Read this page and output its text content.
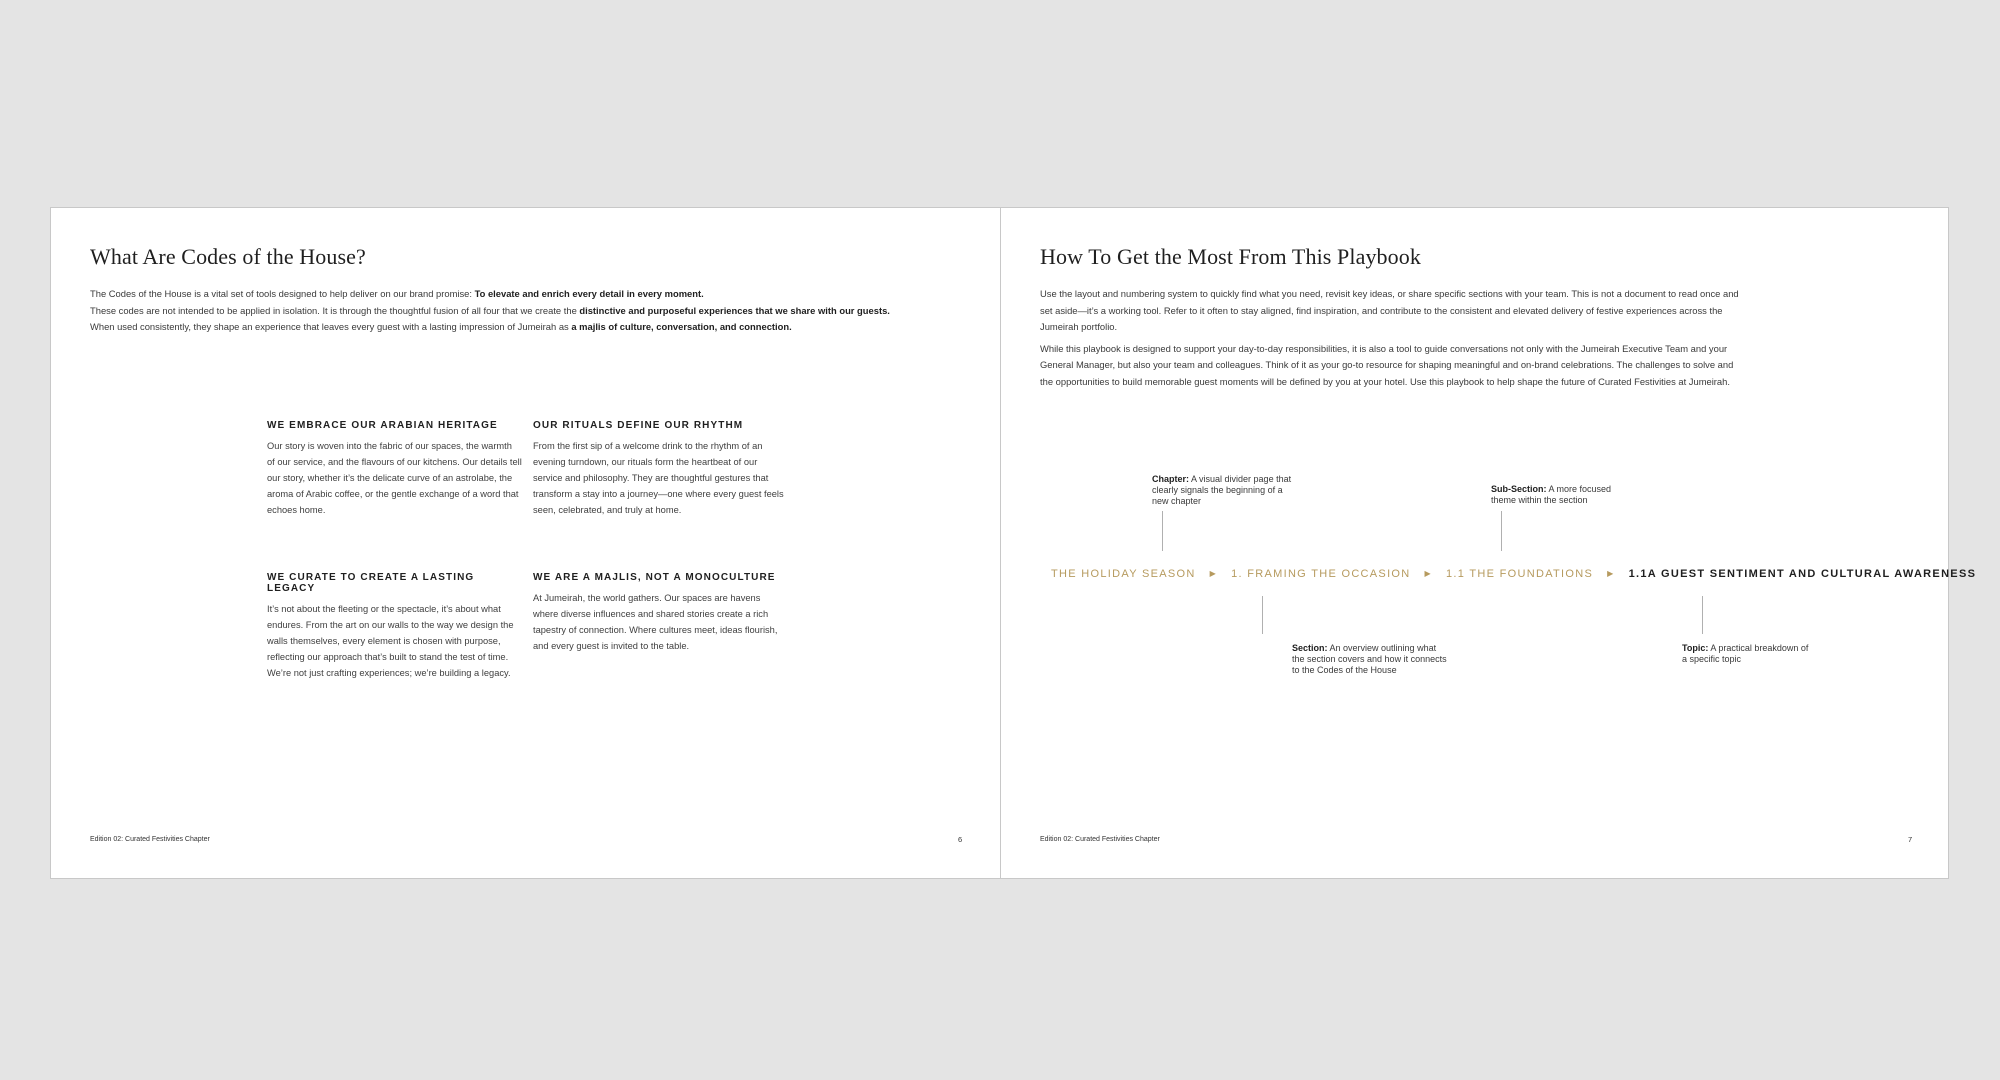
What Are Codes of the House?

The Codes of the House is a vital set of tools designed to help deliver on our brand promise: To elevate and enrich every detail in every moment.

These codes are not intended to be applied in isolation. It is through the thoughtful fusion of all four that we create the distinctive and purposeful experiences that we share with our guests.

When used consistently, they shape an experience that leaves every guest with a lasting impression of Jumeirah as a majlis of culture, conversation, and connection.

WE EMBRACE OUR ARABIAN HERITAGE

Our story is woven into the fabric of our spaces, the warmth of our service, and the flavours of our kitchens. Our details tell our story, whether it’s the delicate curve of an astrolabe, the aroma of Arabic coffee, or the gentle exchange of a word that echoes home.

OUR RITUALS DEFINE OUR RHYTHM

From the first sip of a welcome drink to the rhythm of an evening turndown, our rituals form the heartbeat of our service and philosophy. They are thoughtful gestures that transform a stay into a journey—one where every guest feels seen, celebrated, and truly at home.

WE CURATE TO CREATE A LASTING LEGACY

It’s not about the fleeting or the spectacle, it’s about what endures. From the art on our walls to the way we design the walls themselves, every element is chosen with purpose, reflecting our approach that’s built to stand the test of time. We’re not just crafting experiences; we’re building a legacy.

WE ARE A MAJLIS, NOT A MONOCULTURE

At Jumeirah, the world gathers. Our spaces are havens where diverse influences and shared stories create a rich tapestry of connection. Where cultures meet, ideas flourish, and every guest is invited to the table.

Edition 02: Curated Festivities Chapter	6
How To Get the Most From This Playbook

Use the layout and numbering system to quickly find what you need, revisit key ideas, or share specific sections with your team. This is not a document to read once and set aside—it’s a working tool. Refer to it often to stay aligned, find inspiration, and contribute to the consistent and elevated delivery of festive experiences across the Jumeirah portfolio.

While this playbook is designed to support your day-to-day responsibilities, it is also a tool to guide conversations not only with the Jumeirah Executive Team and your General Manager, but also your team and colleagues. Think of it as your go-to resource for shaping meaningful and on-brand celebrations. The challenges to solve and the opportunities to build memorable guest moments will be defined by you at your hotel. Use this playbook to help shape the future of Curated Festivities at Jumeirah.

Chapter: A visual divider page that clearly signals the beginning of a new chapter
Sub-Section: A more focused theme within the section
THE HOLIDAY SEASON ▶ 1. FRAMING THE OCCASION ▶ 1.1 THE FOUNDATIONS ▶ 1.1A GUEST SENTIMENT AND CULTURAL AWARENESS
Section: An overview outlining what the section covers and how it connects to the Codes of the House
Topic: A practical breakdown of a specific topic
Edition 02: Curated Festivities Chapter	7
